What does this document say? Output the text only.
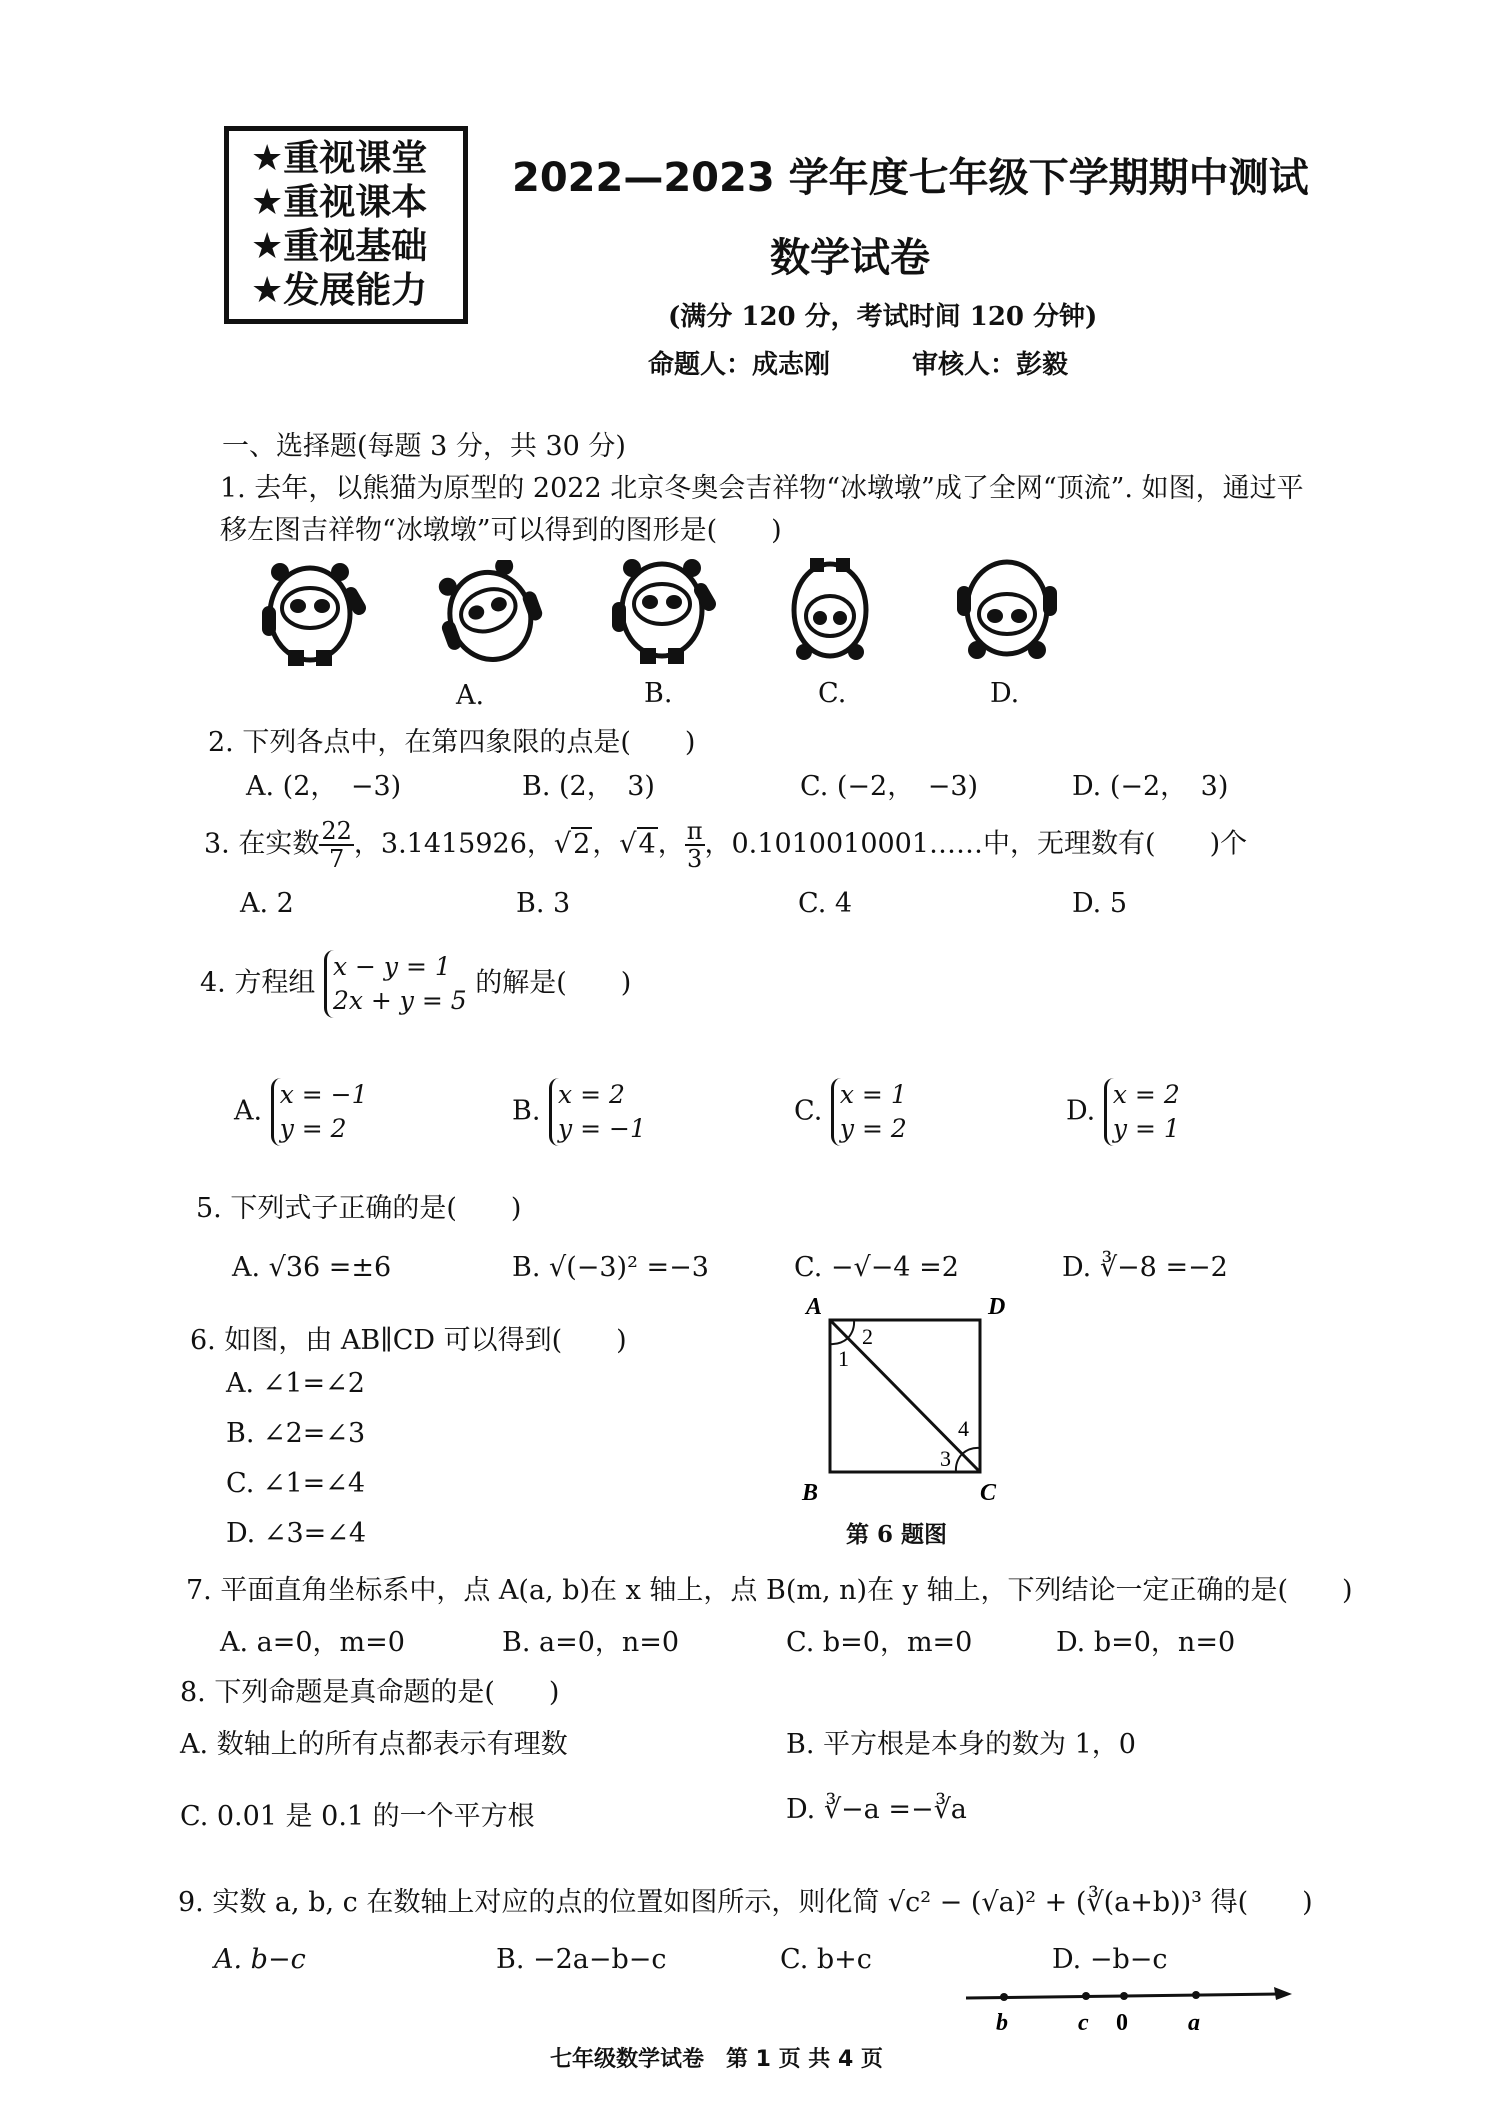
★重视课堂
★重视课本
★重视基础
★发展能力
2022—2023 学年度七年级下学期期中测试
数学试卷
(满分 120 分，考试时间 120 分钟)
命题人：成志刚	审核人：彭毅
一、选择题(每题 3 分，共 30 分)
1. 去年，以熊猫为原型的 2022 北京冬奥会吉祥物“冰墩墩”成了全网“顶流”. 如图，通过平
移左图吉祥物“冰墩墩”可以得到的图形是(　　)
A.	B.	C.	D.
2. 下列各点中，在第四象限的点是(　　)
A. (2，　−3)	B. (2，　3)	C. (−2，　−3)	D. (−2，　3)
3. 在实数 $\frac{22}{7}$ ，3.1415926，√2，√4， $\frac{\pi}{3}$ ，0.1010010001……中，无理数有(　　)个
A. 2	B. 3	C. 4	D. 5
4. 方程组
x − y = 1
2x + y = 5
的解是(　　)
A.
x = −1
y = 2
B.
x = 2
y = −1
C.
x = 1
y = 2
D.
x = 2
y = 1
5. 下列式子正确的是(　　)
A. √36 =±6	B. √(−3)² =−3	C. −√−4 =2	D. ∛−8 =−2
6. 如图，由 AB∥CD 可以得到(　　)
A. ∠1=∠2
B. ∠2=∠3
C. ∠1=∠4
D. ∠3=∠4
A	D
B	C
1
2
3
4
第 6 题图
7. 平面直角坐标系中，点 A(a, b)在 x 轴上，点 B(m, n)在 y 轴上，下列结论一定正确的是(　　)
A. a=0，m=0	B. a=0，n=0	C. b=0，m=0	D. b=0，n=0
8. 下列命题是真命题的是(　　)
A. 数轴上的所有点都表示有理数	B. 平方根是本身的数为 1，0
C. 0.01 是 0.1 的一个平方根	D. ∛−a =−∛a
9. 实数 a, b, c 在数轴上对应的点的位置如图所示，则化简 √c² − (√a)² + (∛(a+b))³ 得(　　)
A. b−c	B. −2a−b−c	C. b+c	D. −b−c
b	c 0	a
七年级数学试卷　第 1 页 共 4 页
